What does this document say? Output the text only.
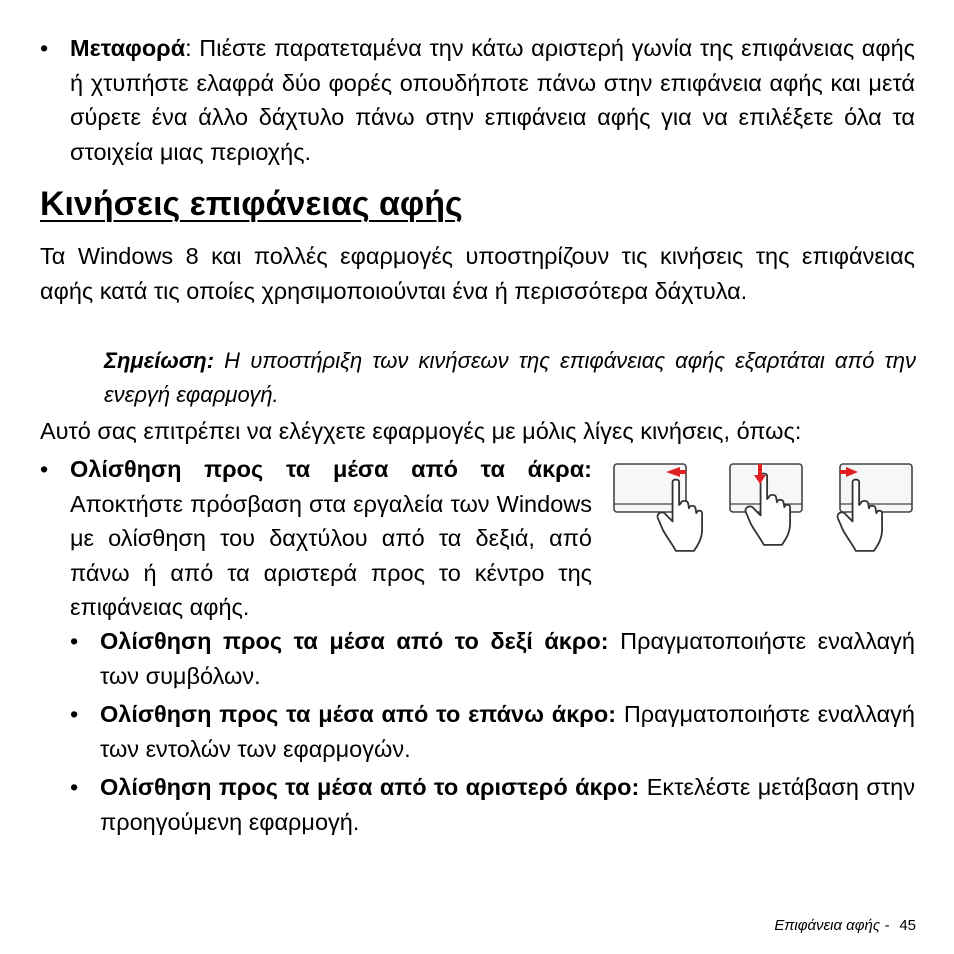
• Μεταφορά: Πιέστε παρατεταμένα την κάτω αριστερή γωνία της επιφάνειας αφής ή χτυπήστε ελαφρά δύο φορές οπουδήποτε πάνω στην επιφάνεια αφής και μετά σύρετε ένα άλλο δάχτυλο πάνω στην επιφάνεια αφής για να επιλέξετε όλα τα στοιχεία μιας περιοχής.
Κινήσεις επιφάνειας αφής
Τα Windows 8 και πολλές εφαρμογές υποστηρίζουν τις κινήσεις της επιφάνειας αφής κατά τις οποίες χρησιμοποιούνται ένα ή περισσότερα δάχτυλα.
Σημείωση: Η υποστήριξη των κινήσεων της επιφάνειας αφής εξαρτάται από την ενεργή εφαρμογή.
Αυτό σας επιτρέπει να ελέγχετε εφαρμογές με μόλις λίγες κινήσεις, όπως:
• Ολίσθηση προς τα μέσα από τα άκρα: Αποκτήστε πρόσβαση στα εργαλεία των Windows με ολίσθηση του δαχτύλου από τα δεξιά, από πάνω ή από τα αριστερά προς το κέντρο της επιφάνειας αφής.
• Ολίσθηση προς τα μέσα από το δεξί άκρο: Πραγματοποιήστε εναλλαγή των συμβόλων.
• Ολίσθηση προς τα μέσα από το επάνω άκρο: Πραγματοποιήστε εναλλαγή των εντολών των εφαρμογών.
• Ολίσθηση προς τα μέσα από το αριστερό άκρο: Εκτελέστε μετάβαση στην προηγούμενη εφαρμογή.
Επιφάνεια αφής - 45
